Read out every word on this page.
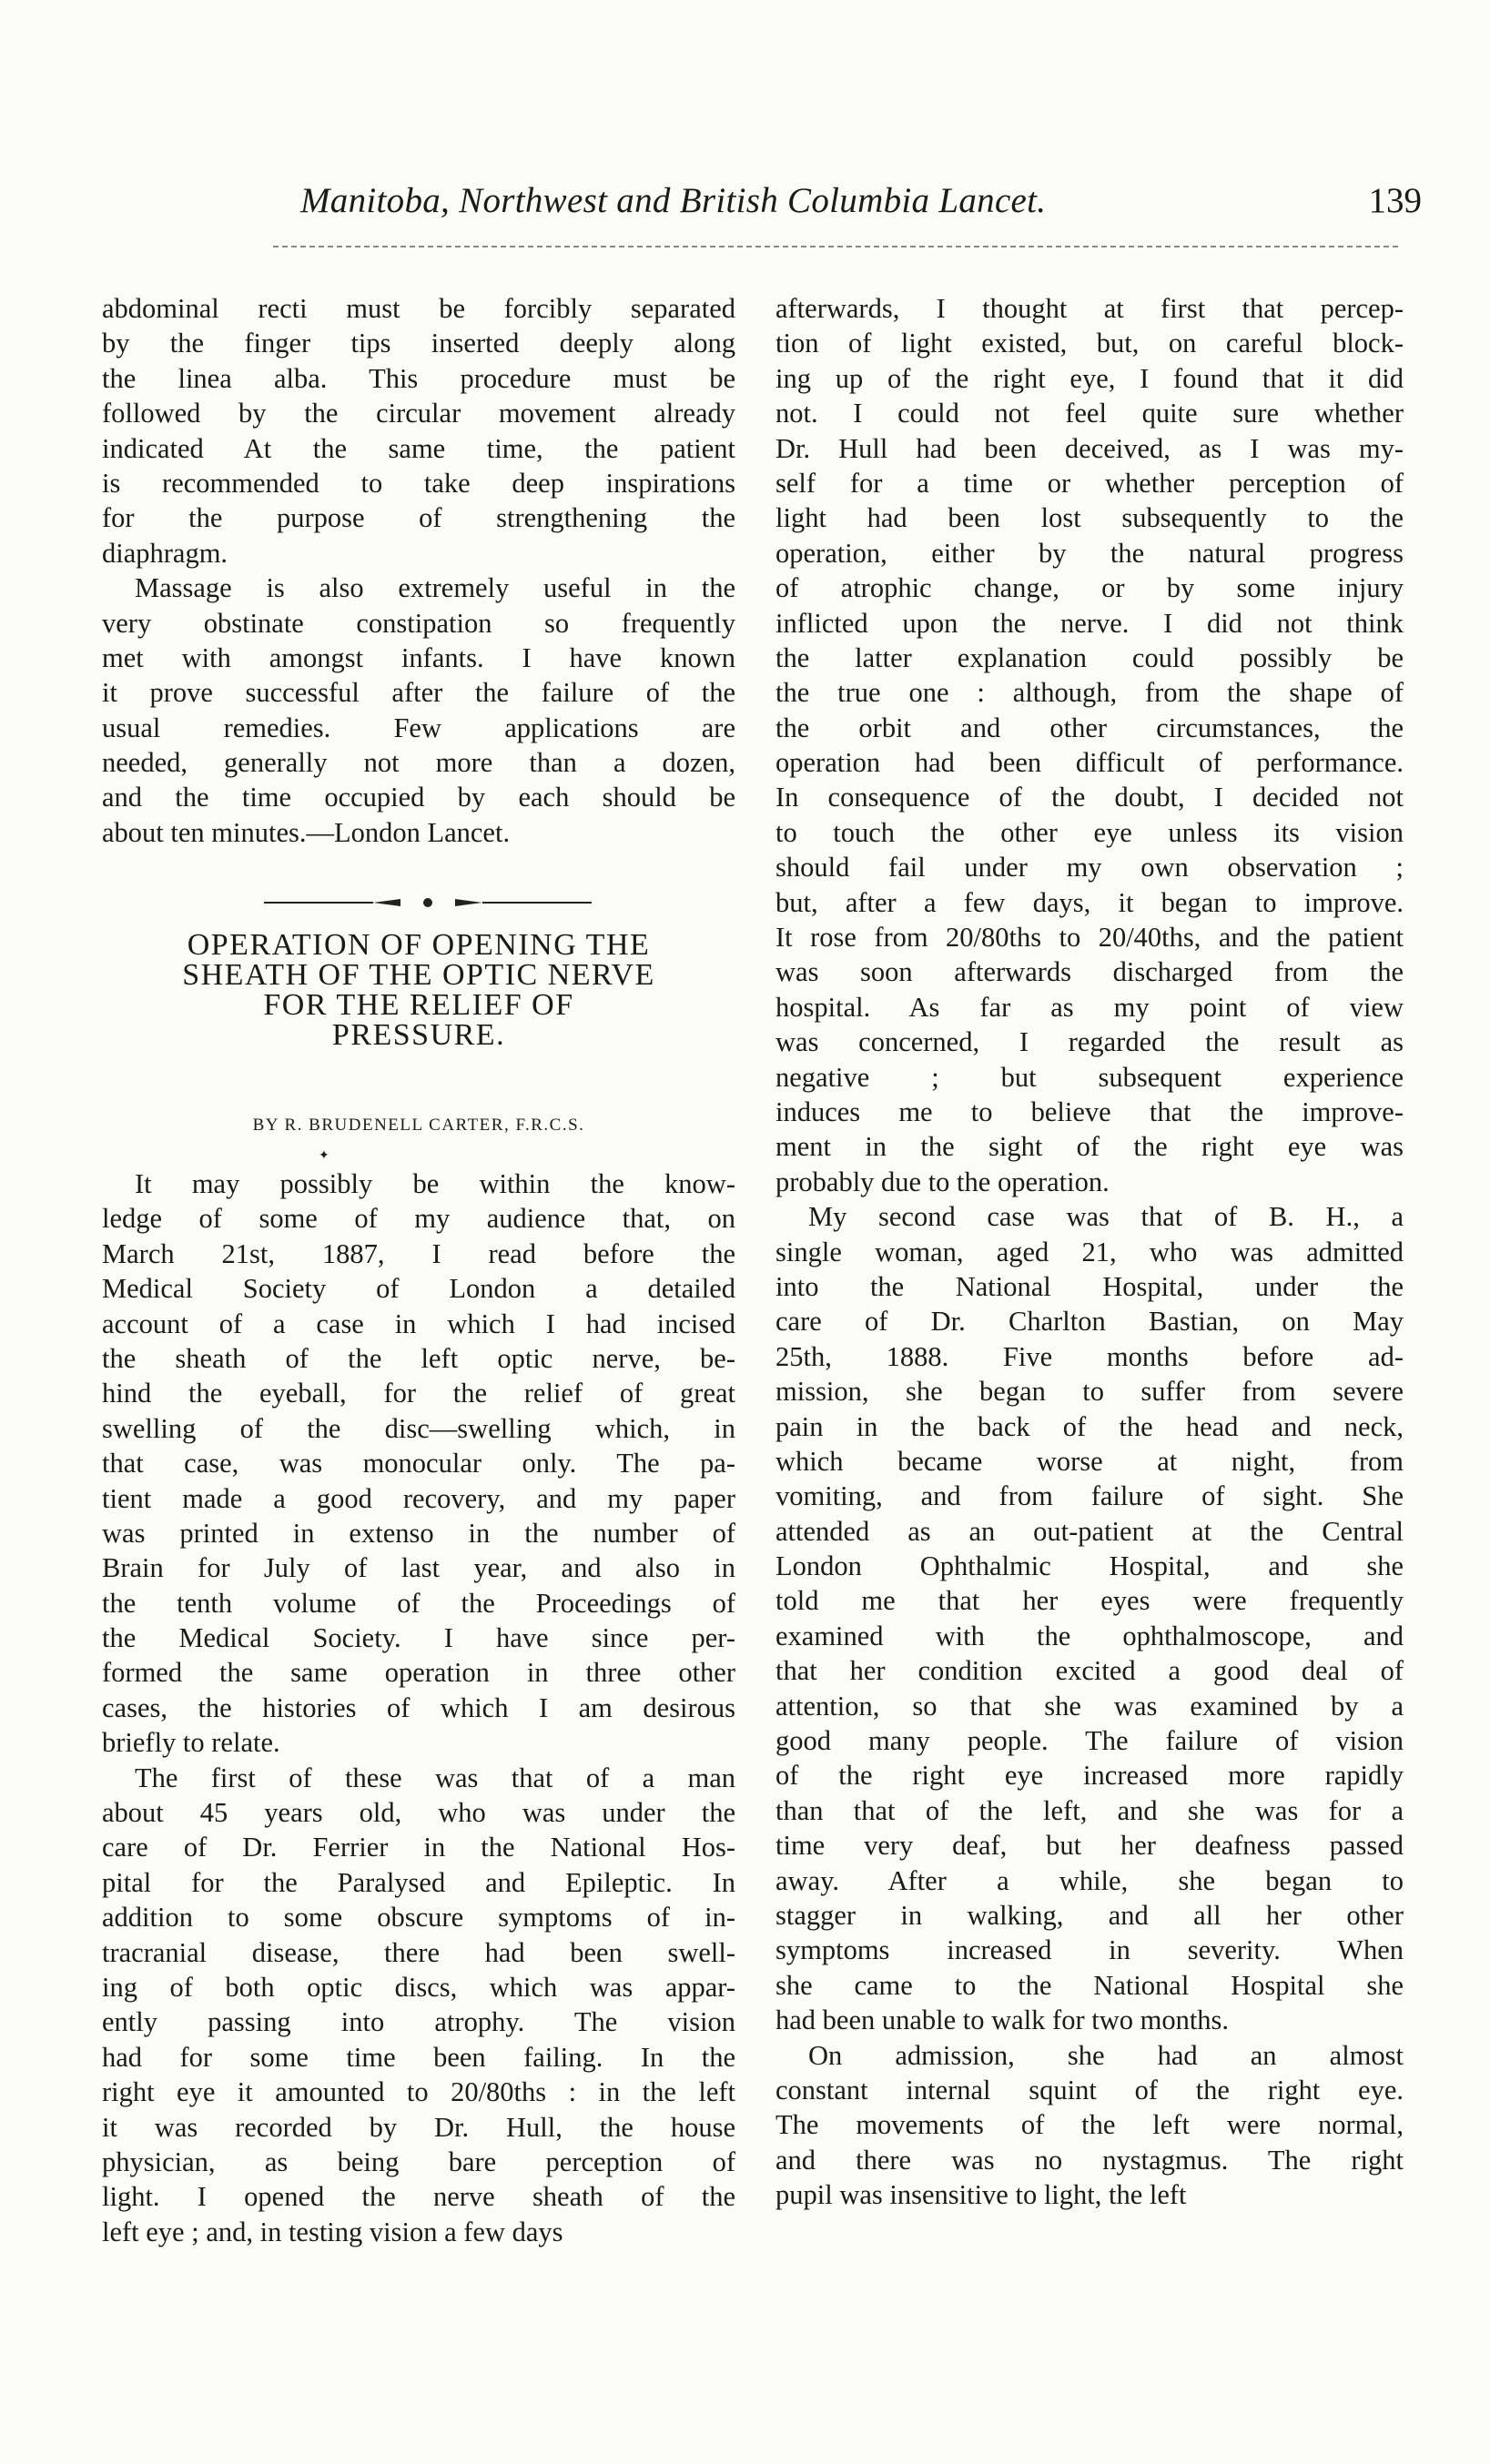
Manitoba, Northwest and British Columbia Lancet.	139
abdominal recti must be forcibly separated
by the finger tips inserted deeply along
the linea alba. This procedure must be
followed by the circular movement already
indicated At the same time, the patient
is recommended to take deep inspirations
for the purpose of strengthening the
diaphragm.
Massage is also extremely useful in the
very obstinate constipation so frequently
met with amongst infants. I have known
it prove successful after the failure of the
usual remedies. Few applications are
needed, generally not more than a dozen,
and the time occupied by each should be
about ten minutes.—London Lancet.
OPERATION OF OPENING THE
SHEATH OF THE OPTIC NERVE
FOR THE RELIEF OF
PRESSURE.
BY R. BRUDENELL CARTER, F.R.C.S.
✦
It may possibly be within the know-
ledge of some of my audience that, on
March 21st, 1887, I read before the
Medical Society of London a detailed
account of a case in which I had incised
the sheath of the left optic nerve, be-
hind the eyeball, for the relief of great
swelling of the disc—swelling which, in
that case, was monocular only. The pa-
tient made a good recovery, and my paper
was printed in extenso in the number of
Brain for July of last year, and also in
the tenth volume of the Proceedings of
the Medical Society. I have since per-
formed the same operation in three other
cases, the histories of which I am desirous
briefly to relate.
The first of these was that of a man
about 45 years old, who was under the
care of Dr. Ferrier in the National Hos-
pital for the Paralysed and Epileptic. In
addition to some obscure symptoms of in-
tracranial disease, there had been swell-
ing of both optic discs, which was appar-
ently passing into atrophy. The vision
had for some time been failing. In the
right eye it amounted to 20/80ths : in the left
it was recorded by Dr. Hull, the house
physician, as being bare perception of
light. I opened the nerve sheath of the
left eye ; and, in testing vision a few days
afterwards, I thought at first that percep-
tion of light existed, but, on careful block-
ing up of the right eye, I found that it did
not. I could not feel quite sure whether
Dr. Hull had been deceived, as I was my-
self for a time or whether perception of
light had been lost subsequently to the
operation, either by the natural progress
of atrophic change, or by some injury
inflicted upon the nerve. I did not think
the latter explanation could possibly be
the true one : although, from the shape of
the orbit and other circumstances, the
operation had been difficult of performance.
In consequence of the doubt, I decided not
to touch the other eye unless its vision
should fail under my own observation ;
but, after a few days, it began to improve.
It rose from 20/80ths to 20/40ths, and the patient
was soon afterwards discharged from the
hospital. As far as my point of view
was concerned, I regarded the result as
negative ; but subsequent experience
induces me to believe that the improve-
ment in the sight of the right eye was
probably due to the operation.
My second case was that of B. H., a
single woman, aged 21, who was admitted
into the National Hospital, under the
care of Dr. Charlton Bastian, on May
25th, 1888. Five months before ad-
mission, she began to suffer from severe
pain in the back of the head and neck,
which became worse at night, from
vomiting, and from failure of sight. She
attended as an out-patient at the Central
London Ophthalmic Hospital, and she
told me that her eyes were frequently
examined with the ophthalmoscope, and
that her condition excited a good deal of
attention, so that she was examined by a
good many people. The failure of vision
of the right eye increased more rapidly
than that of the left, and she was for a
time very deaf, but her deafness passed
away. After a while, she began to
stagger in walking, and all her other
symptoms increased in severity. When
she came to the National Hospital she
had been unable to walk for two months.
On admission, she had an almost
constant internal squint of the right eye.
The movements of the left were normal,
and there was no nystagmus. The right
pupil was insensitive to light, the left
